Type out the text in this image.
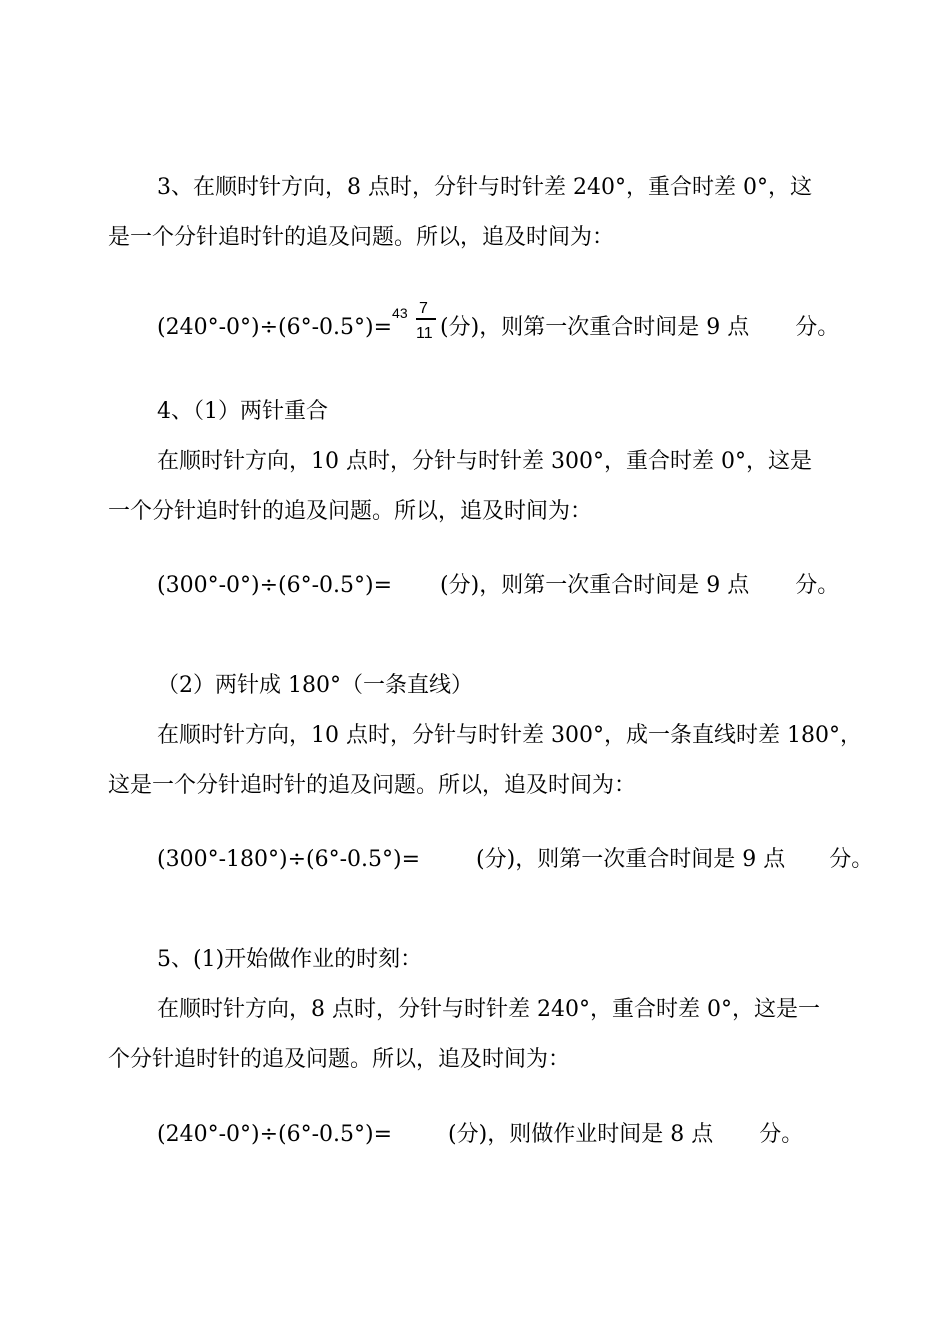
3、在顺时针方向，8 点时，分针与时针差 240°，重合时差 0°，这
是一个分针追时针的追及问题。所以，追及时间为：
(240°-0°)÷(6°-0.5°)=
43 7
11 (分)，则第一次重合时间是 9 点 分。
4、（1）两针重合
在顺时针方向，10 点时，分针与时针差 300°，重合时差 0°，这是
一个分针追时针的追及问题。所以，追及时间为：
(300°-0°)÷(6°-0.5°)= (分)，则第一次重合时间是 9 点 分。
（2）两针成 180°（一条直线）
在顺时针方向，10 点时，分针与时针差 300°，成一条直线时差 180°，
这是一个分针追时针的追及问题。所以，追及时间为：
(300°-180°)÷(6°-0.5°)=	(分)，则第一次重合时间是 9 点 分。
5、(1)开始做作业的时刻：
在顺时针方向，8 点时，分针与时针差 240°，重合时差 0°，这是一
个分针追时针的追及问题。所以，追及时间为：
(240°-0°)÷(6°-0.5°)=	(分)，则做作业时间是 8 点 分。
